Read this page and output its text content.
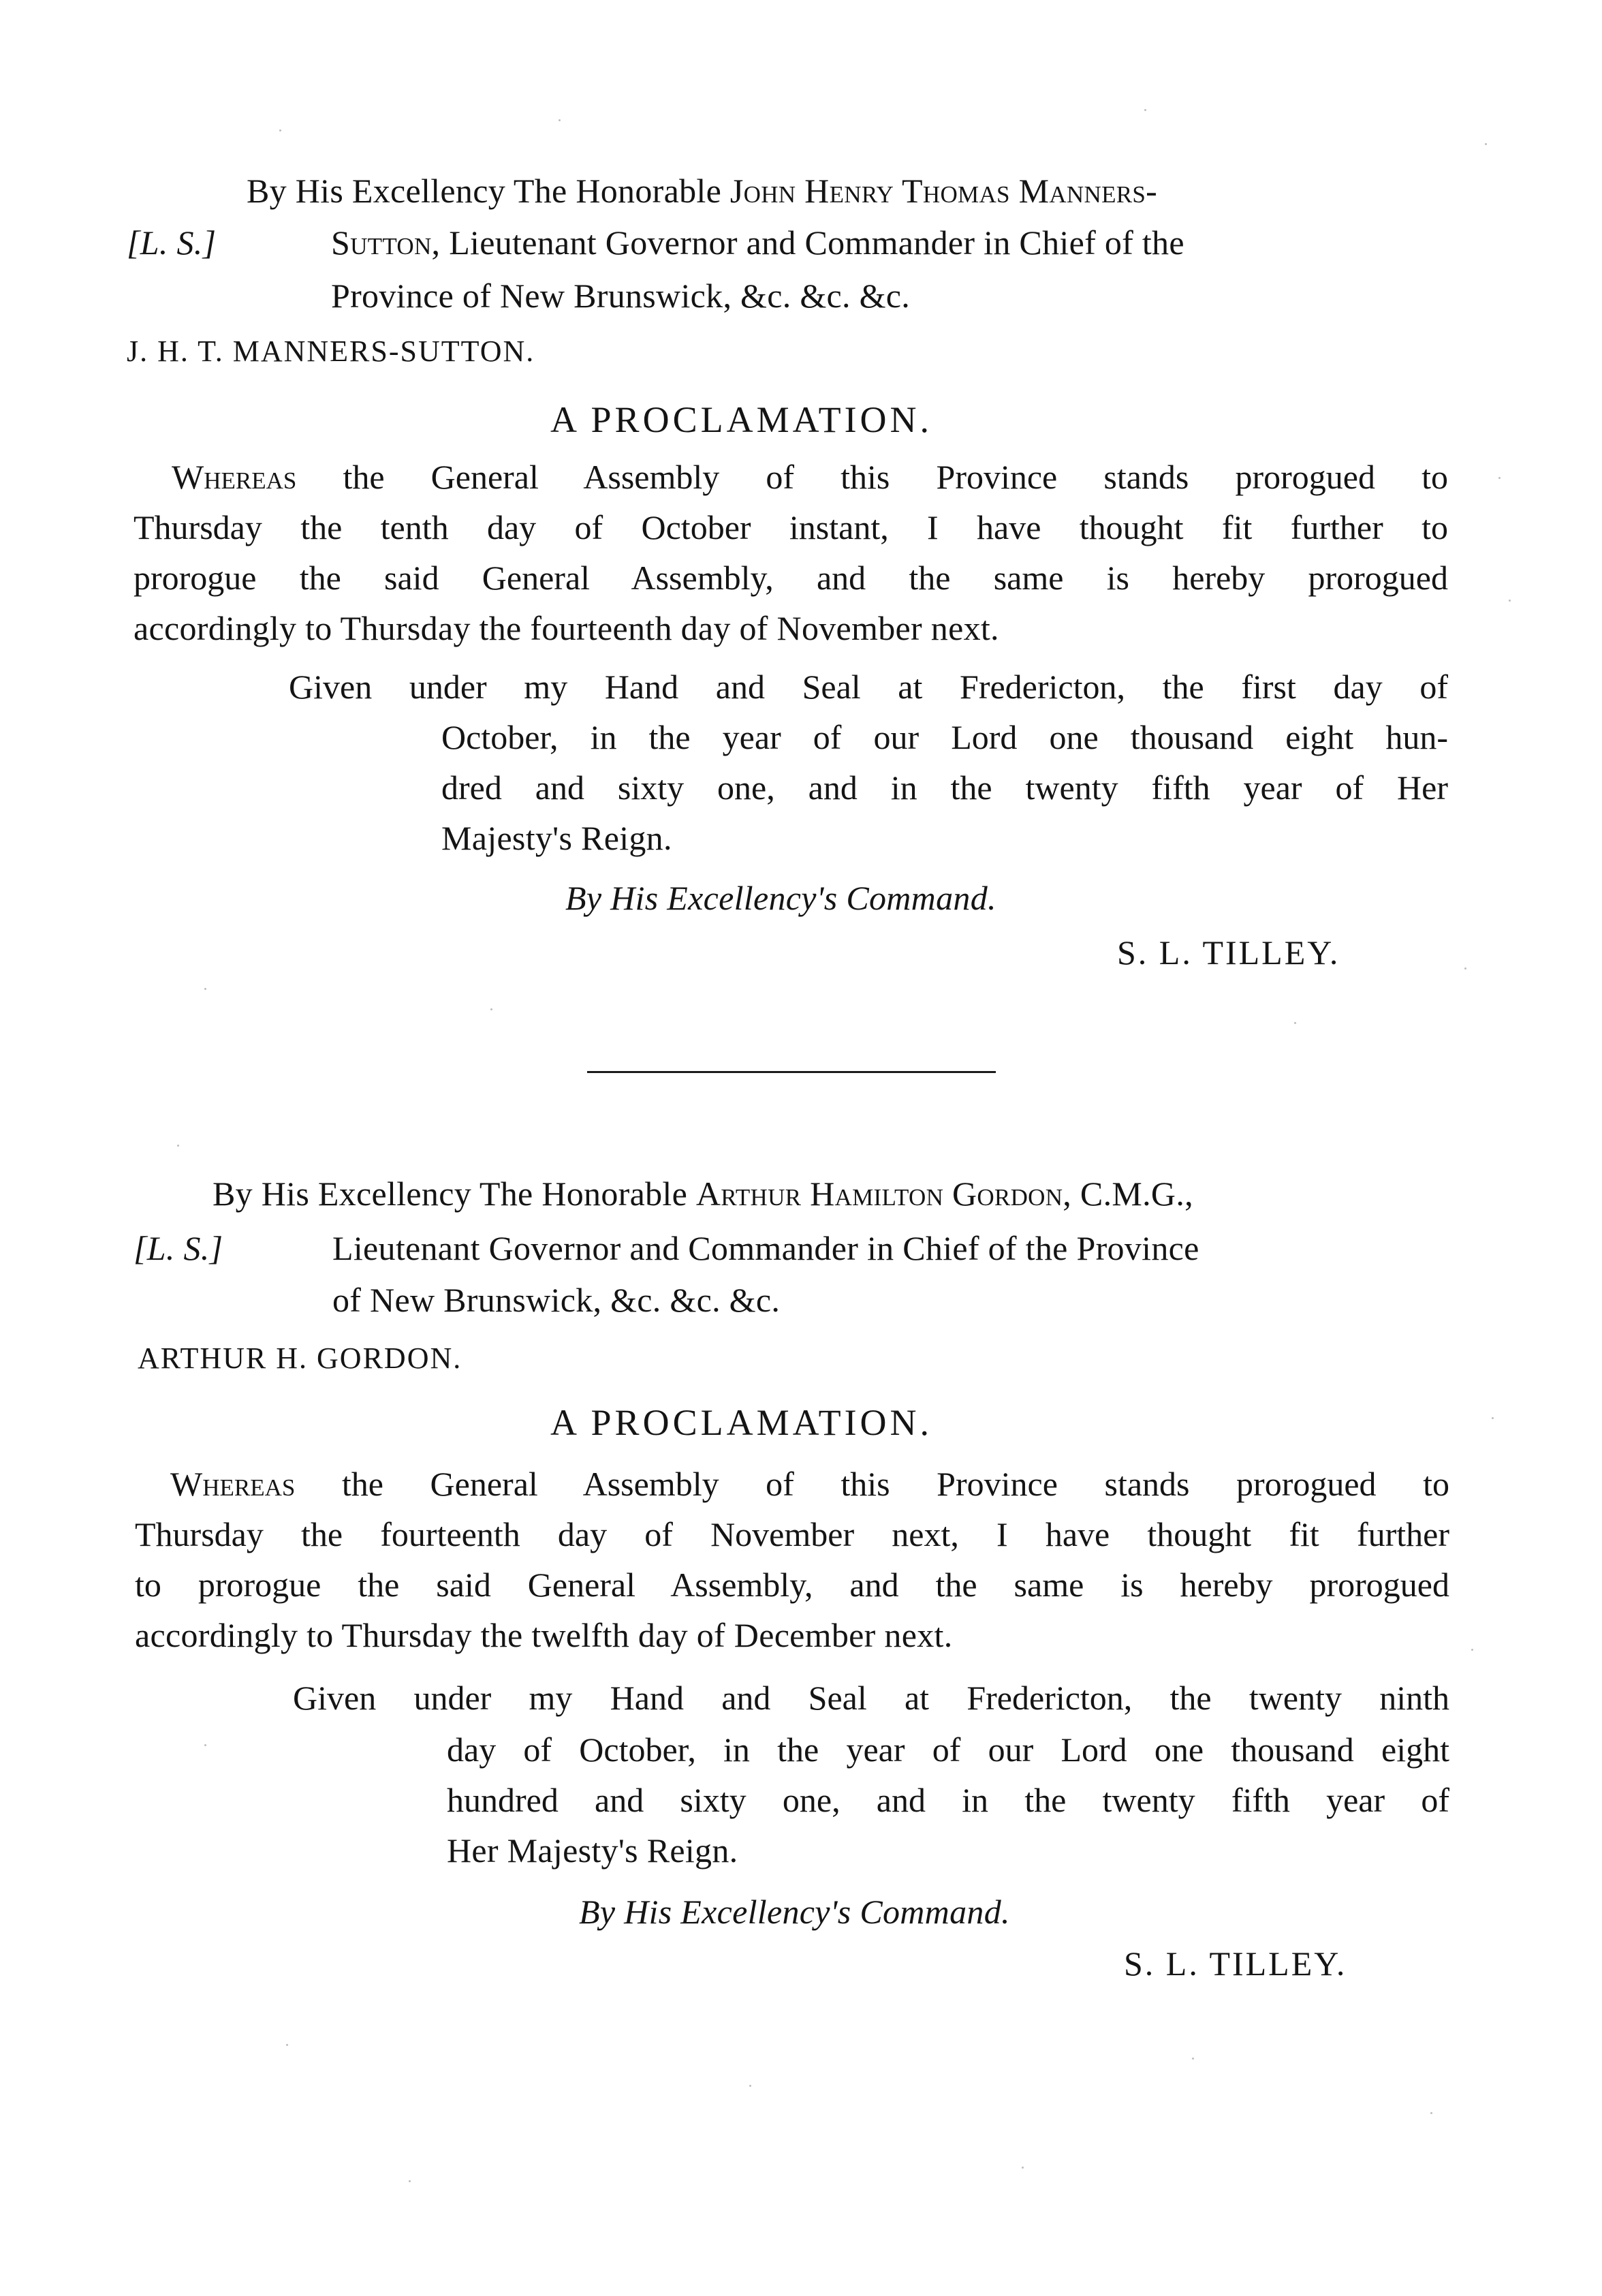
By His Excellency The Honorable John Henry Thomas Manners-
[L. S.]	Sutton, Lieutenant Governor and Commander in Chief of the
Province of New Brunswick, &c. &c. &c.
J. H. T. MANNERS-SUTTON.
A PROCLAMATION.
Whereas the General Assembly of this Province stands prorogued to
Thursday the tenth day of October instant, I have thought fit further to
prorogue the said General Assembly, and the same is hereby prorogued
accordingly to Thursday the fourteenth day of November next.
Given under my Hand and Seal at Fredericton, the first day of
October, in the year of our Lord one thousand eight hun-
dred and sixty one, and in the twenty fifth year of Her
Majesty's Reign.
By His Excellency's Command.
S. L. TILLEY.
By His Excellency The Honorable Arthur Hamilton Gordon, C.M.G.,
[L. S.]	Lieutenant Governor and Commander in Chief of the Province
of New Brunswick, &c. &c. &c.
ARTHUR H. GORDON.
A PROCLAMATION.
Whereas the General Assembly of this Province stands prorogued to
Thursday the fourteenth day of November next, I have thought fit further
to prorogue the said General Assembly, and the same is hereby prorogued
accordingly to Thursday the twelfth day of December next.
Given under my Hand and Seal at Fredericton, the twenty ninth
day of October, in the year of our Lord one thousand eight
hundred and sixty one, and in the twenty fifth year of
Her Majesty's Reign.
By His Excellency's Command.
S. L. TILLEY.
